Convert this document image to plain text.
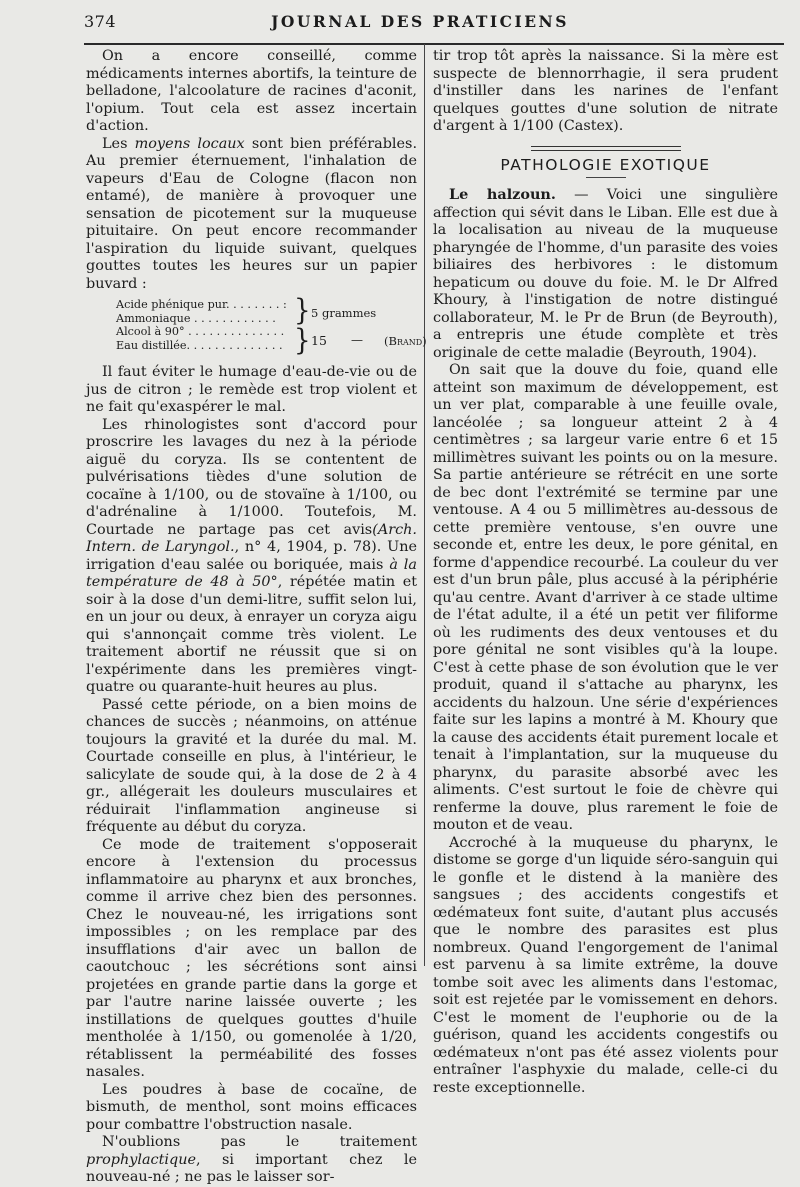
374	JOURNAL DES PRATICIENS

On a encore conseillé, comme médicaments internes abortifs, la teinture de belladone, l'alcoolature de racines d'aconit, l'opium. Tout cela est assez incertain d'action.

Les moyens locaux sont bien préférables. Au premier éternuement, l'inhalation de vapeurs d'Eau de Cologne (flacon non entamé), de manière à provoquer une sensation de picotement sur la muqueuse pituitaire. On peut encore recommander l'aspiration du liquide suivant, quelques gouttes toutes les heures sur un papier buvard :

Acide phénique pur. . . . . . . . :
Ammoniaque . . . . . . . . . . . .
Alcool à 90° . . . . . . . . . . . . . .
Eau distillée. . . . . . . . . . . . . .
}
}
5 grammes
15 — (Brand)

Il faut éviter le humage d'eau-de-vie ou de jus de citron ; le remède est trop violent et ne fait qu'exaspérer le mal.

Les rhinologistes sont d'accord pour proscrire les lavages du nez à la période aiguë du coryza. Ils se contentent de pulvérisations tièdes d'une solution de cocaïne à 1/100, ou de stovaïne à 1/100, ou d'adrénaline à 1/1000. Toutefois, M. Courtade ne partage pas cet avis(Arch. Intern. de Laryngol., n° 4, 1904, p. 78). Une irrigation d'eau salée ou boriquée, mais à la température de 48 à 50°, répétée matin et soir à la dose d'un demi-litre, suffit selon lui, en un jour ou deux, à enrayer un coryza aigu qui s'annonçait comme très violent. Le traitement abortif ne réussit que si on l'expérimente dans les premières vingt-quatre ou quarante-huit heures au plus.

Passé cette période, on a bien moins de chances de succès ; néanmoins, on atténue toujours la gravité et la durée du mal. M. Courtade conseille en plus, à l'intérieur, le salicylate de soude qui, à la dose de 2 à 4 gr., allégerait les douleurs musculaires et réduirait l'inflammation angineuse si fréquente au début du coryza.

Ce mode de traitement s'opposerait encore à l'extension du processus inflammatoire au pharynx et aux bronches, comme il arrive chez bien des personnes. Chez le nouveau-né, les irrigations sont impossibles ; on les remplace par des insufflations d'air avec un ballon de caoutchouc ; les sécrétions sont ainsi projetées en grande partie dans la gorge et par l'autre narine laissée ouverte ; les instillations de quelques gouttes d'huile mentholée à 1/150, ou gomenolée à 1/20, rétablissent la perméabilité des fosses nasales.

Les poudres à base de cocaïne, de bismuth, de menthol, sont moins efficaces pour combattre l'obstruction nasale.

N'oublions pas le traitement prophylactique, si important chez le nouveau-né ; ne pas le laisser sor-

tir trop tôt après la naissance. Si la mère est suspecte de blennorrhagie, il sera prudent d'instiller dans les narines de l'enfant quelques gouttes d'une solution de nitrate d'argent à 1/100 (Castex).

PATHOLOGIE EXOTIQUE

Le halzoun. — Voici une singulière affection qui sévit dans le Liban. Elle est due à la localisation au niveau de la muqueuse pharyngée de l'homme, d'un parasite des voies biliaires des herbivores : le distomum hepaticum ou douve du foie. M. le Dr Alfred Khoury, à l'instigation de notre distingué collaborateur, M. le Pr de Brun (de Beyrouth), a entrepris une étude complète et très originale de cette maladie (Beyrouth, 1904).

On sait que la douve du foie, quand elle atteint son maximum de développement, est un ver plat, comparable à une feuille ovale, lancéolée ; sa longueur atteint 2 à 4 centimètres ; sa largeur varie entre 6 et 15 millimètres suivant les points ou on la mesure. Sa partie antérieure se rétrécit en une sorte de bec dont l'extrémité se termine par une ventouse. A 4 ou 5 millimètres au-dessous de cette première ventouse, s'en ouvre une seconde et, entre les deux, le pore génital, en forme d'appendice recourbé. La couleur du ver est d'un brun pâle, plus accusé à la périphérie qu'au centre. Avant d'arriver à ce stade ultime de l'état adulte, il a été un petit ver filiforme où les rudiments des deux ventouses et du pore génital ne sont visibles qu'à la loupe. C'est à cette phase de son évolution que le ver produit, quand il s'attache au pharynx, les accidents du halzoun. Une série d'expériences faite sur les lapins a montré à M. Khoury que la cause des accidents était purement locale et tenait à l'implantation, sur la muqueuse du pharynx, du parasite absorbé avec les aliments. C'est surtout le foie de chèvre qui renferme la douve, plus rarement le foie de mouton et de veau.

Accroché à la muqueuse du pharynx, le distome se gorge d'un liquide séro-sanguin qui le gonfle et le distend à la manière des sangsues ; des accidents congestifs et œdémateux font suite, d'autant plus accusés que le nombre des parasites est plus nombreux. Quand l'engorgement de l'animal est parvenu à sa limite extrême, la douve tombe soit avec les aliments dans l'estomac, soit est rejetée par le vomissement en dehors. C'est le moment de l'euphorie ou de la guérison, quand les accidents congestifs ou œdémateux n'ont pas été assez violents pour entraîner l'asphyxie du malade, celle-ci du reste exceptionnelle.
